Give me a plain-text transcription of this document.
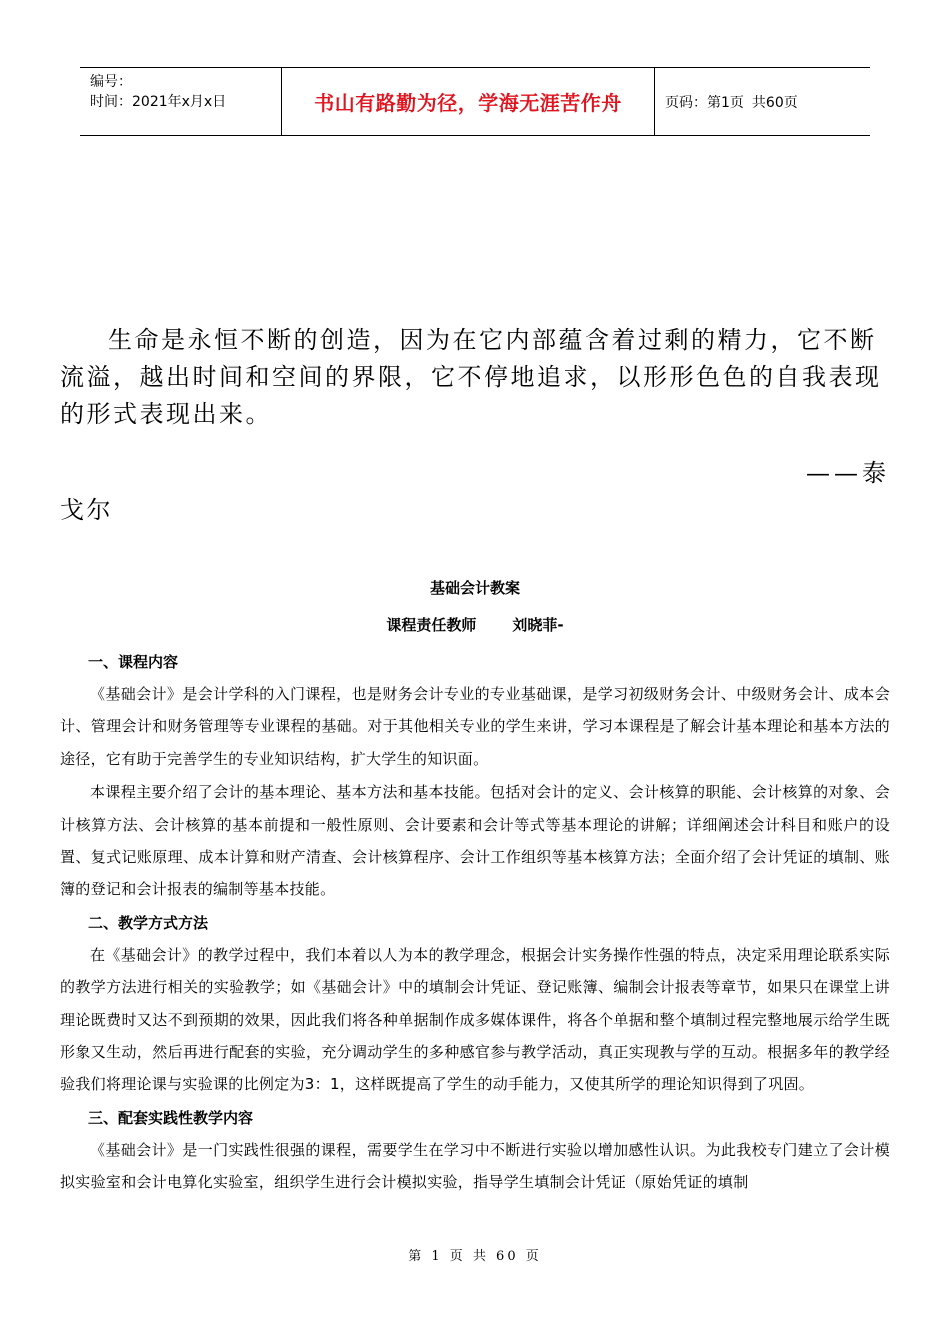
编号：
时间：2021年x月x日	书山有路勤为径，学海无涯苦作舟	页码：第1页 共60页

生命是永恒不断的创造，因为在它内部蕴含着过剩的精力，它不断流溢，越出时间和空间的界限，它不停地追求，以形形色色的自我表现的形式表现出来。

——泰
戈尔
基础会计教案
课程责任教师 刘晓菲-
一、课程内容

《基础会计》是会计学科的入门课程，也是财务会计专业的专业基础课，是学习初级财务会计、中级财务会计、成本会计、管理会计和财务管理等专业课程的基础。对于其他相关专业的学生来讲，学习本课程是了解会计基本理论和基本方法的途径，它有助于完善学生的专业知识结构，扩大学生的知识面。

本课程主要介绍了会计的基本理论、基本方法和基本技能。包括对会计的定义、会计核算的职能、会计核算的对象、会计核算方法、会计核算的基本前提和一般性原则、会计要素和会计等式等基本理论的讲解；详细阐述会计科目和账户的设置、复式记账原理、成本计算和财产清查、会计核算程序、会计工作组织等基本核算方法；全面介绍了会计凭证的填制、账簿的登记和会计报表的编制等基本技能。

二、教学方式方法

在《基础会计》的教学过程中，我们本着以人为本的教学理念，根据会计实务操作性强的特点，决定采用理论联系实际的教学方法进行相关的实验教学；如《基础会计》中的填制会计凭证、登记账簿、编制会计报表等章节，如果只在课堂上讲理论既费时又达不到预期的效果，因此我们将各种单据制作成多媒体课件，将各个单据和整个填制过程完整地展示给学生既形象又生动，然后再进行配套的实验，充分调动学生的多种感官参与教学活动，真正实现教与学的互动。根据多年的教学经验我们将理论课与实验课的比例定为3：1，这样既提高了学生的动手能力，又使其所学的理论知识得到了巩固。

三、配套实践性教学内容

《基础会计》是一门实践性很强的课程，需要学生在学习中不断进行实验以增加感性认识。为此我校专门建立了会计模拟实验室和会计电算化实验室，组织学生进行会计模拟实验，指导学生填制会计凭证（原始凭证的填制

第 1 页 共 60 页
